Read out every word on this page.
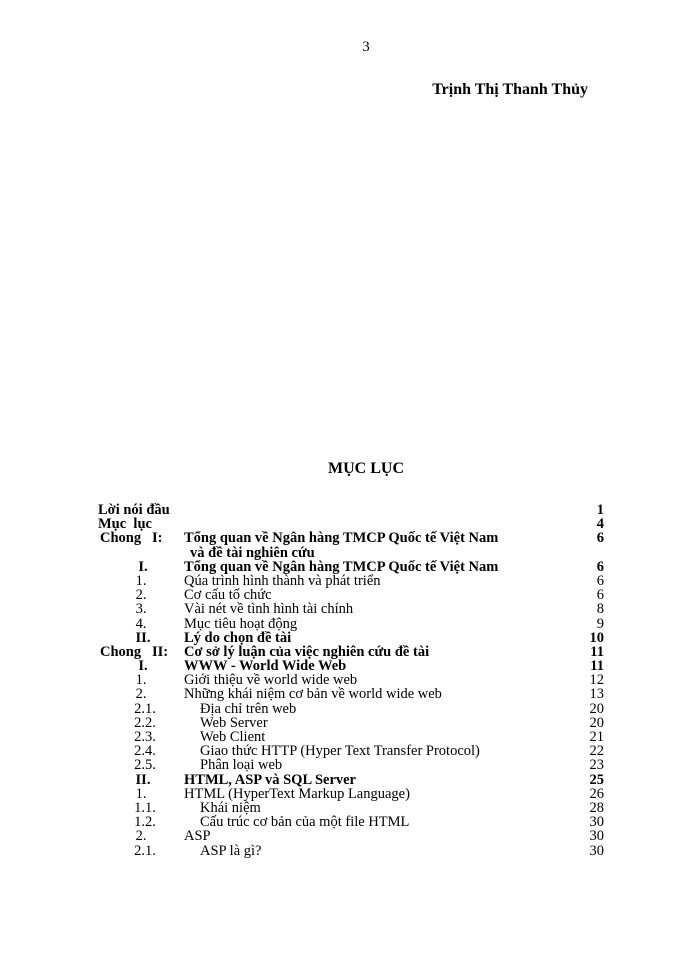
3
Trịnh Thị Thanh Thủy
MỤC LỤC
Lời nói đầu	1
Mục  lục	4
Chong   I: Tổng quan về Ngân hàng TMCP Quốc tế Việt Nam	6
và đề tài nghiên cứu
I.	Tổng quan về Ngân hàng TMCP Quốc tế Việt Nam	6
1.	Qúa trình hình thành và phát triển	6
2.	Cơ cấu tổ chức	6
3.	Vài nét về tình hình tài chính	8
4.	Mục tiêu hoạt động	9
II.	Lý do chọn đề tài	10
Chong   II: Cơ sở lý luận của việc nghiên cứu đề tài	11
I.	WWW - World Wide Web	11
1.	Giới thiệu về world wide web	12
2.	Những khái niệm cơ bản về world wide web	13
2.1.	Địa chỉ trên web	20
2.2.	Web Server	20
2.3.	Web Client	21
2.4.	Giao thức HTTP (Hyper Text Transfer Protocol)	22
2.5.	Phân loại web	23
II.	HTML, ASP và SQL Server	25
1.	HTML (HyperText Markup Language)	26
1.1.	Khái niệm	28
1.2.	Cấu trúc cơ bản của một file HTML	30
2.	ASP	30
2.1.	ASP là gì?	30
